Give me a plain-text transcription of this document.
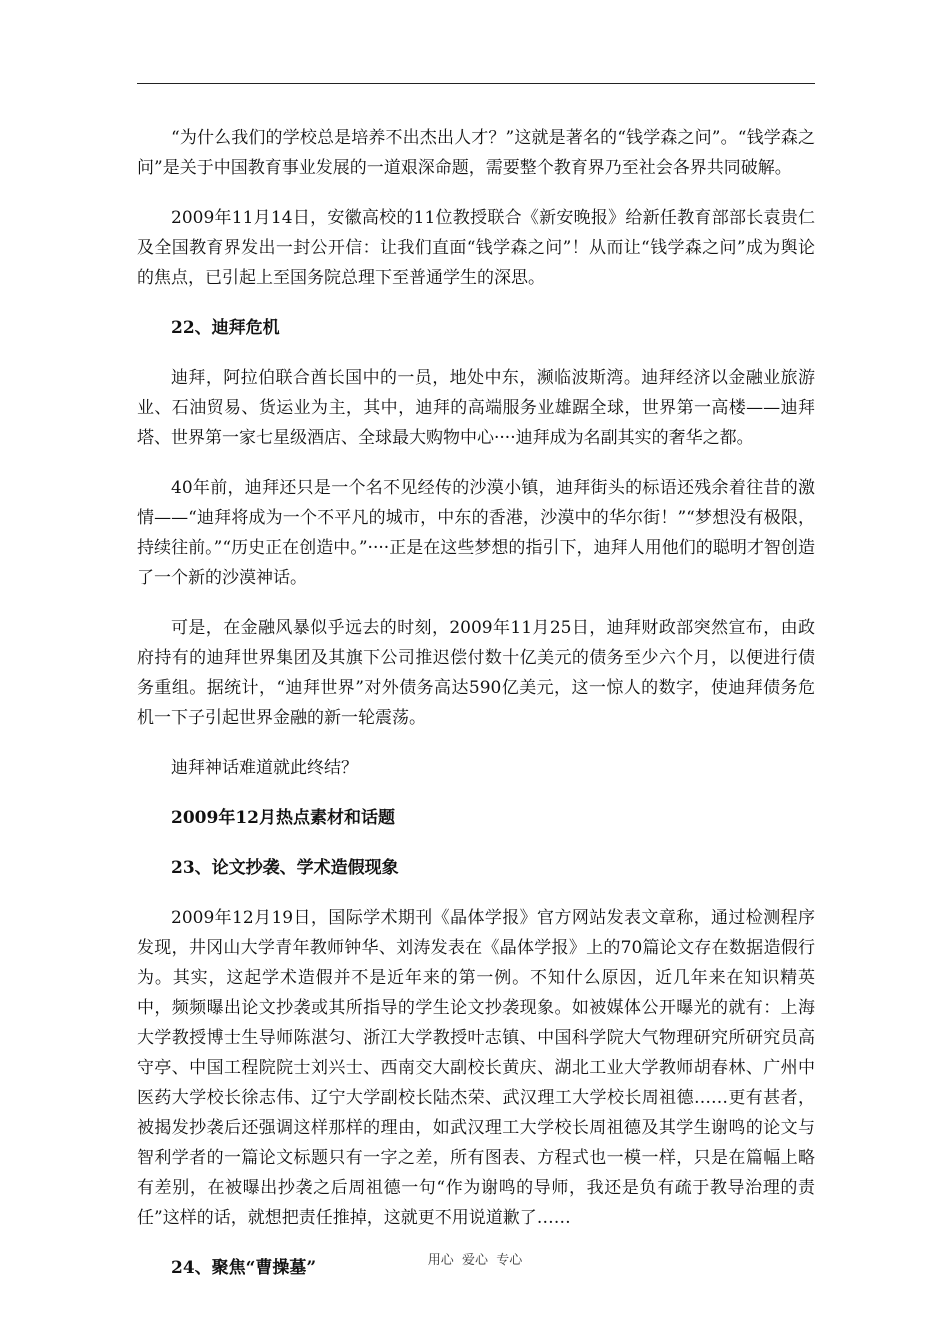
“为什么我们的学校总是培养不出杰出人才？”这就是著名的“钱学森之问”。“钱学森之问”是关于中国教育事业发展的一道艰深命题，需要整个教育界乃至社会各界共同破解。

2009年11月14日，安徽高校的11位教授联合《新安晚报》给新任教育部部长袁贵仁及全国教育界发出一封公开信：让我们直面“钱学森之问”！从而让“钱学森之问”成为舆论的焦点，已引起上至国务院总理下至普通学生的深思。

22、迪拜危机

迪拜，阿拉伯联合酋长国中的一员，地处中东，濒临波斯湾。迪拜经济以金融业旅游业、石油贸易、货运业为主，其中，迪拜的高端服务业雄踞全球，世界第一高楼——迪拜塔、世界第一家七星级酒店、全球最大购物中心····迪拜成为名副其实的奢华之都。

40年前，迪拜还只是一个名不见经传的沙漠小镇，迪拜街头的标语还残余着往昔的激情——“迪拜将成为一个不平凡的城市，中东的香港，沙漠中的华尔街！”“梦想没有极限，持续往前。”“历史正在创造中。”····正是在这些梦想的指引下，迪拜人用他们的聪明才智创造了一个新的沙漠神话。

可是，在金融风暴似乎远去的时刻，2009年11月25日，迪拜财政部突然宣布，由政府持有的迪拜世界集团及其旗下公司推迟偿付数十亿美元的债务至少六个月，以便进行债务重组。据统计，“迪拜世界”对外债务高达590亿美元，这一惊人的数字，使迪拜债务危机一下子引起世界金融的新一轮震荡。

迪拜神话难道就此终结？

2009年12月热点素材和话题

23、论文抄袭、学术造假现象

2009年12月19日，国际学术期刊《晶体学报》官方网站发表文章称，通过检测程序发现，井冈山大学青年教师钟华、刘涛发表在《晶体学报》上的70篇论文存在数据造假行为。其实，这起学术造假并不是近年来的第一例。不知什么原因，近几年来在知识精英中，频频曝出论文抄袭或其所指导的学生论文抄袭现象。如被媒体公开曝光的就有：上海大学教授博士生导师陈湛匀、浙江大学教授叶志镇、中国科学院大气物理研究所研究员高守亭、中国工程院院士刘兴士、西南交大副校长黄庆、湖北工业大学教师胡春林、广州中医药大学校长徐志伟、辽宁大学副校长陆杰荣、武汉理工大学校长周祖德……更有甚者，被揭发抄袭后还强调这样那样的理由，如武汉理工大学校长周祖德及其学生谢鸣的论文与智利学者的一篇论文标题只有一字之差，所有图表、方程式也一模一样，只是在篇幅上略有差别，在被曝出抄袭之后周祖德一句“作为谢鸣的导师，我还是负有疏于教导治理的责任”这样的话，就想把责任推掉，这就更不用说道歉了……

24、聚焦“曹操墓”	用心  爱心  专心
